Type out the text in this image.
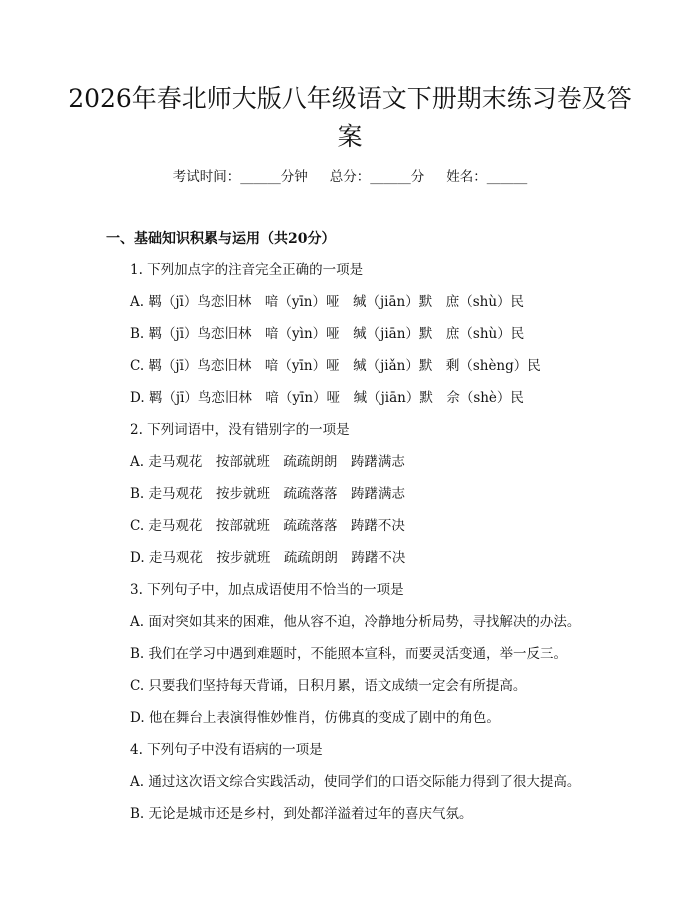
2026年春北师大版八年级语文下册期末练习卷及答案
考试时间：______分钟 总分：______分 姓名：______
一、基础知识积累与运用（共20分）
1. 下列加点字的注音完全正确的一项是
A. 羁（jī）鸟恋旧林　喑（yīn）哑　缄（jiān）默　庶（shù）民
B. 羁（jī）鸟恋旧林　喑（yìn）哑　缄（jiān）默　庶（shù）民
C. 羁（jī）鸟恋旧林　喑（yīn）哑　缄（jiǎn）默　剩（shèng）民
D. 羁（jī）鸟恋旧林　喑（yīn）哑　缄（jiān）默　佘（shè）民
2. 下列词语中，没有错别字的一项是
A. 走马观花　按部就班　疏疏朗朗　踌躇满志
B. 走马观花　按步就班　疏疏落落　踌躇满志
C. 走马观花　按部就班　疏疏落落　踌躇不决
D. 走马观花　按步就班　疏疏朗朗　踌躇不决
3. 下列句子中，加点成语使用不恰当的一项是
A. 面对突如其来的困难，他从容不迫，冷静地分析局势，寻找解决的办法。
B. 我们在学习中遇到难题时，不能照本宣科，而要灵活变通，举一反三。
C. 只要我们坚持每天背诵，日积月累，语文成绩一定会有所提高。
D. 他在舞台上表演得惟妙惟肖，仿佛真的变成了剧中的角色。
4. 下列句子中没有语病的一项是
A. 通过这次语文综合实践活动，使同学们的口语交际能力得到了很大提高。
B. 无论是城市还是乡村，到处都洋溢着过年的喜庆气氛。
